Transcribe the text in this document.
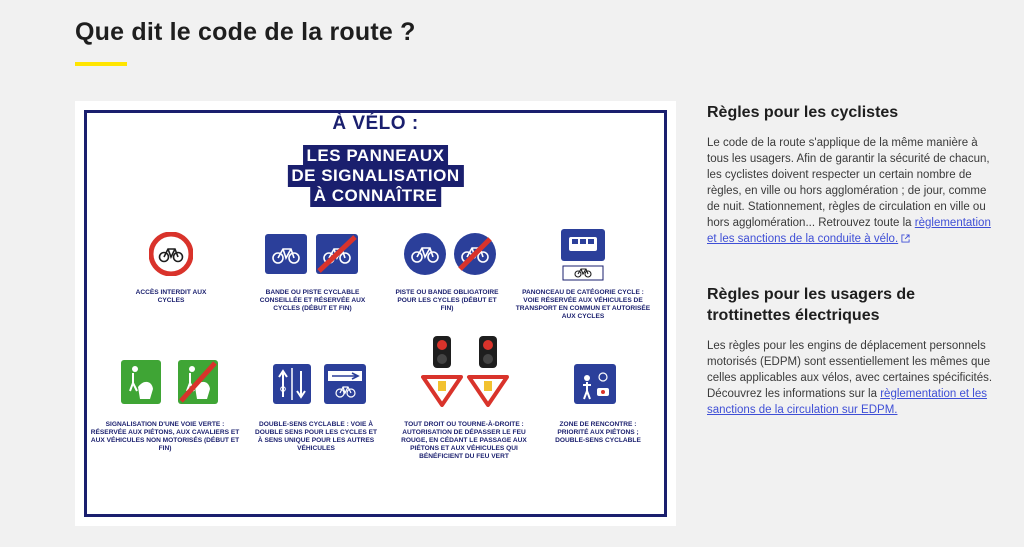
Que dit le code de la route ?
À VÉLO :
LES PANNEAUX
DE SIGNALISATION
À CONNAÎTRE
ACCÈS INTERDIT AUX CYCLES
BANDE OU PISTE CYCLABLE CONSEILLÉE ET RÉSERVÉE AUX CYCLES (DÉBUT ET FIN)
PISTE OU BANDE OBLIGATOIRE POUR LES CYCLES (DÉBUT ET FIN)
PANONCEAU DE CATÉGORIE CYCLE : VOIE RÉSERVÉE AUX VÉHICULES DE TRANSPORT EN COMMUN ET AUTORISÉE AUX CYCLES
SIGNALISATION D'UNE VOIE VERTE : RÉSERVÉE AUX PIÉTONS, AUX CAVALIERS ET AUX VÉHICULES NON MOTORISÉS (DÉBUT ET FIN)
DOUBLE-SENS CYCLABLE : VOIE À DOUBLE SENS POUR LES CYCLES ET À SENS UNIQUE POUR LES AUTRES VÉHICULES
TOUT DROIT OU TOURNE-À-DROITE : AUTORISATION DE DÉPASSER LE FEU ROUGE, EN CÉDANT LE PASSAGE AUX PIÉTONS ET AUX VÉHICULES QUI BÉNÉFICIENT DU FEU VERT
ZONE DE RENCONTRE : PRIORITÉ AUX PIÉTONS ; DOUBLE-SENS CYCLABLE
Règles pour les cyclistes

Le code de la route s'applique de la même manière à tous les usagers. Afin de garantir la sécurité de chacun, les cyclistes doivent respecter un certain nombre de règles, en ville ou hors agglomération ; de jour, comme de nuit. Stationnement, règles de circulation en ville ou hors agglomération... Retrouvez toute la règlementation et les sanctions de la conduite à vélo.

Règles pour les usagers de trottinettes électriques

Les règles pour les engins de déplacement personnels motorisés (EDPM) sont essentiellement les mêmes que celles applicables aux vélos, avec certaines spécificités. Découvrez les informations sur la règlementation et les sanctions de la circulation sur EDPM.
